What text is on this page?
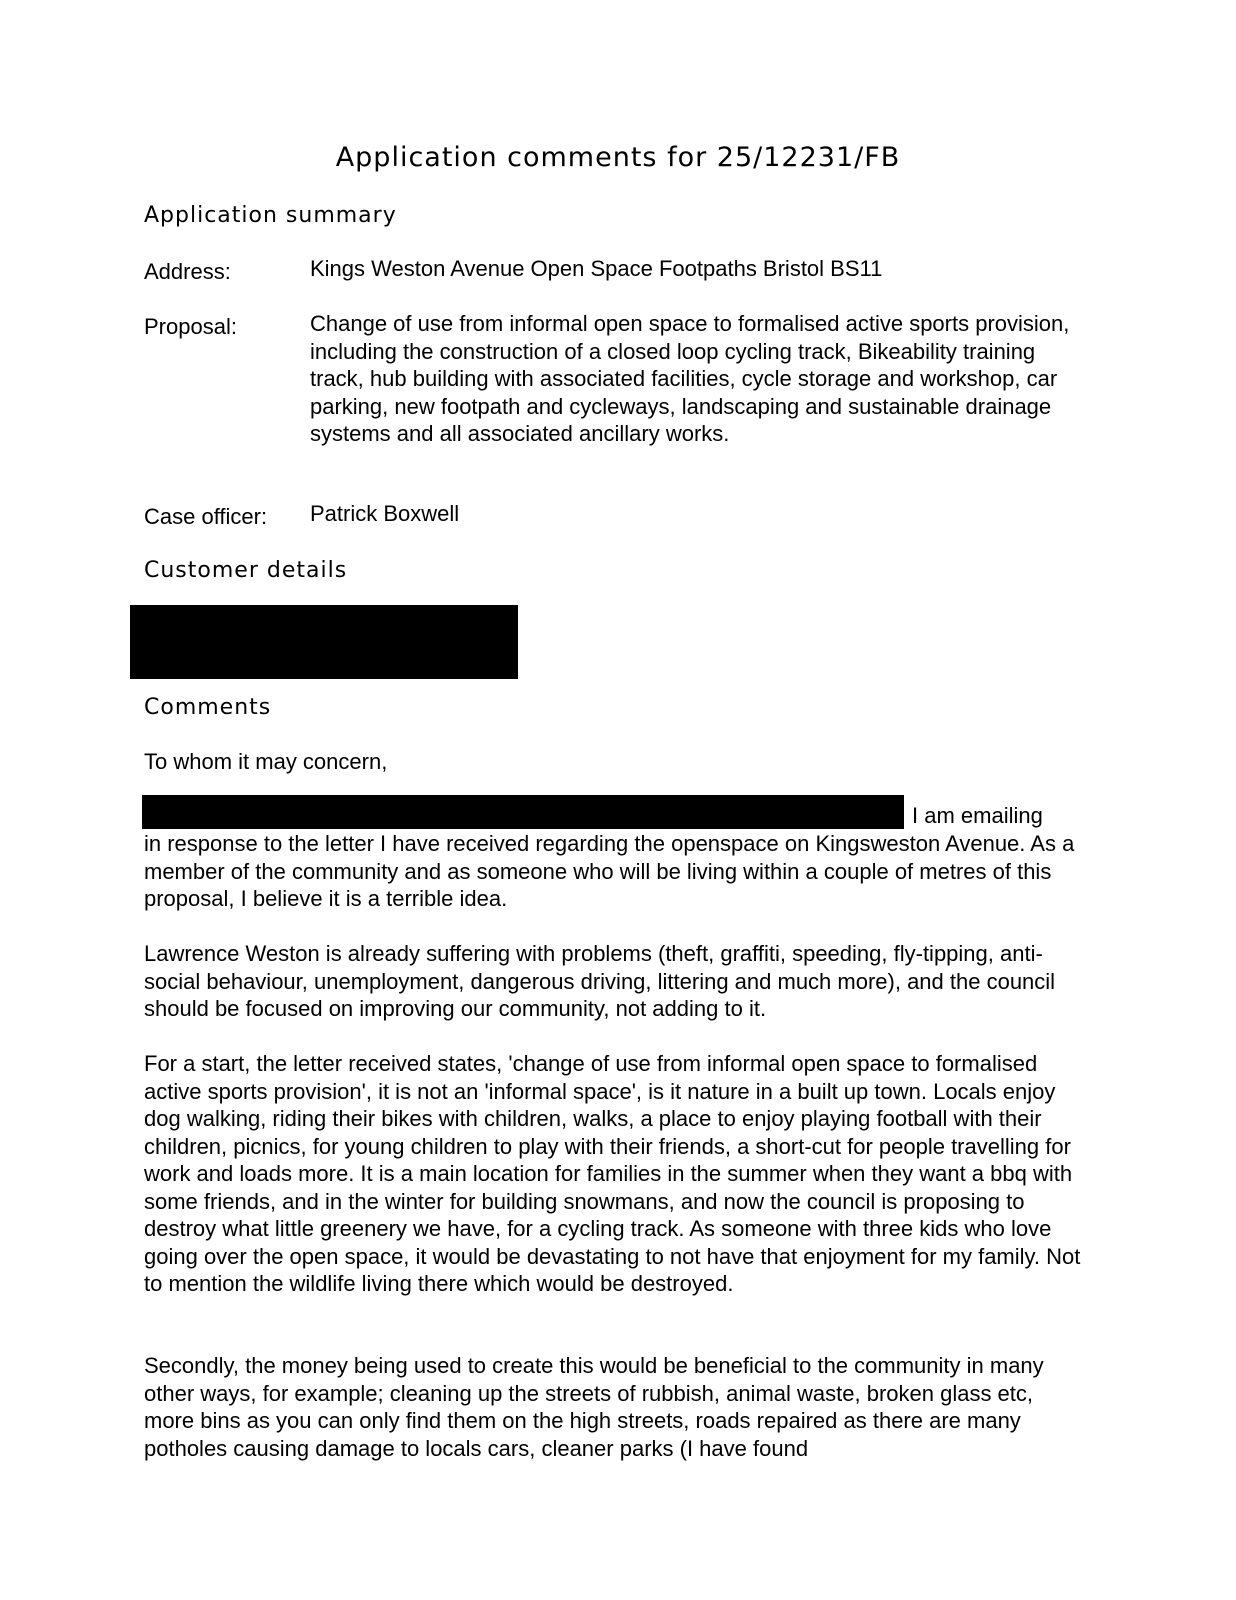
Application comments for 25/12231/FB
Application summary
Address:	Kings Weston Avenue Open Space Footpaths Bristol BS11
Proposal:	Change of use from informal open space to formalised active sports provision, including the construction of a closed loop cycling track, Bikeability training track, hub building with associated facilities, cycle storage and workshop, car parking, new footpath and cycleways, landscaping and sustainable drainage systems and all associated ancillary works.
Case officer: Patrick Boxwell
Customer details
Comments

To whom it may concern,

I am emailing

in response to the letter I have received regarding the openspace on Kingsweston Avenue. As a member of the community and as someone who will be living within a couple of metres of this proposal, I believe it is a terrible idea.

Lawrence Weston is already suffering with problems (theft, graffiti, speeding, fly-tipping, anti-social behaviour, unemployment, dangerous driving, littering and much more), and the council should be focused on improving our community, not adding to it.

For a start, the letter received states, 'change of use from informal open space to formalised active sports provision', it is not an 'informal space', is it nature in a built up town. Locals enjoy dog walking, riding their bikes with children, walks, a place to enjoy playing football with their children, picnics, for young children to play with their friends, a short-cut for people travelling for work and loads more. It is a main location for families in the summer when they want a bbq with some friends, and in the winter for building snowmans, and now the council is proposing to destroy what little greenery we have, for a cycling track. As someone with three kids who love going over the open space, it would be devastating to not have that enjoyment for my family. Not to mention the wildlife living there which would be destroyed.

Secondly, the money being used to create this would be beneficial to the community in many other ways, for example; cleaning up the streets of rubbish, animal waste, broken glass etc, more bins as you can only find them on the high streets, roads repaired as there are many potholes causing damage to locals cars, cleaner parks (I have found
